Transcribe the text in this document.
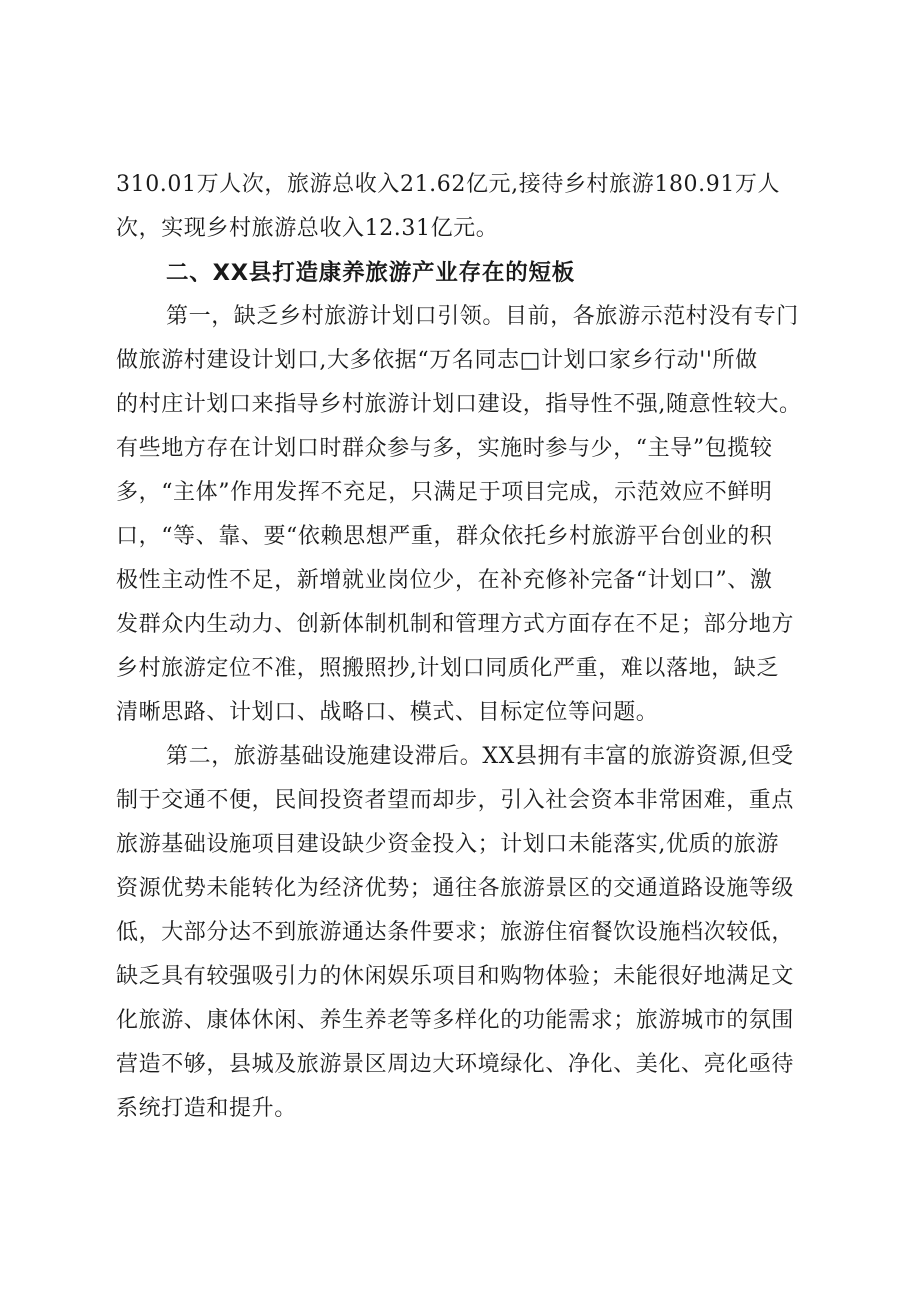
310.01万人次，旅游总收入21.62亿元,接待乡村旅游180.91万人
次，实现乡村旅游总收入12.31亿元。
二、XX县打造康养旅游产业存在的短板
第一，缺乏乡村旅游计划口引领。目前，各旅游示范村没有专门
做旅游村建设计划口,大多依据“万名同志□计划口家乡行动''所做
的村庄计划口来指导乡村旅游计划口建设，指导性不强,随意性较大。
有些地方存在计划口时群众参与多，实施时参与少，“主导”包揽较
多，“主体”作用发挥不充足，只满足于项目完成，示范效应不鲜明
口，“等、靠、要“依赖思想严重，群众依托乡村旅游平台创业的积
极性主动性不足，新增就业岗位少，在补充修补完备“计划口”、激
发群众内生动力、创新体制机制和管理方式方面存在不足；部分地方
乡村旅游定位不准，照搬照抄,计划口同质化严重，难以落地，缺乏
清晰思路、计划口、战略口、模式、目标定位等问题。
第二，旅游基础设施建设滞后。XX县拥有丰富的旅游资源,但受
制于交通不便，民间投资者望而却步，引入社会资本非常困难，重点
旅游基础设施项目建设缺少资金投入；计划口未能落实,优质的旅游
资源优势未能转化为经济优势；通往各旅游景区的交通道路设施等级
低，大部分达不到旅游通达条件要求；旅游住宿餐饮设施档次较低，
缺乏具有较强吸引力的休闲娱乐项目和购物体验；未能很好地满足文
化旅游、康体休闲、养生养老等多样化的功能需求；旅游城市的氛围
营造不够，县城及旅游景区周边大环境绿化、净化、美化、亮化亟待
系统打造和提升。
